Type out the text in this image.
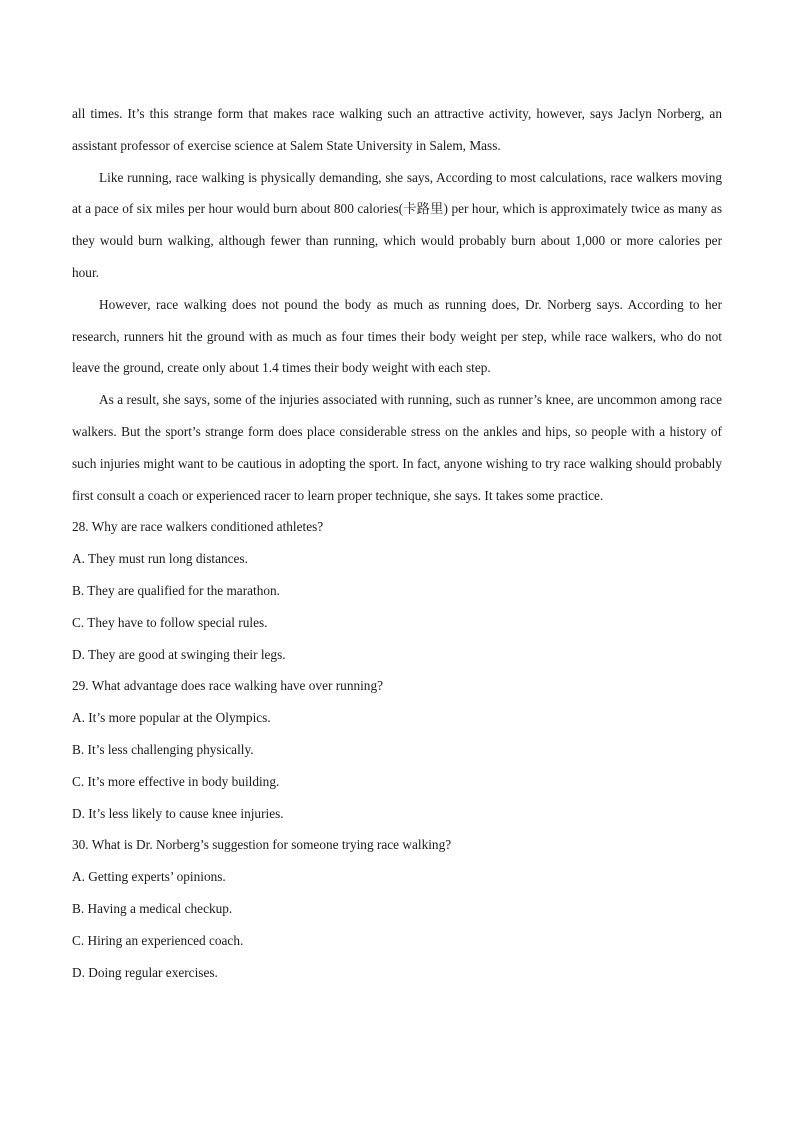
all times. It’s this strange form that makes race walking such an attractive activity, however, says Jaclyn Norberg, an assistant professor of exercise science at Salem State University in Salem, Mass.

Like running, race walking is physically demanding, she says, According to most calculations, race walkers moving at a pace of six miles per hour would burn about 800 calories(卡路里) per hour, which is approximately twice as many as they would burn walking, although fewer than running, which would probably burn about 1,000 or more calories per hour.

However, race walking does not pound the body as much as running does, Dr. Norberg says. According to her research, runners hit the ground with as much as four times their body weight per step, while race walkers, who do not leave the ground, create only about 1.4 times their body weight with each step.

As a result, she says, some of the injuries associated with running, such as runner’s knee, are uncommon among race walkers. But the sport’s strange form does place considerable stress on the ankles and hips, so people with a history of such injuries might want to be cautious in adopting the sport. In fact, anyone wishing to try race walking should probably first consult a coach or experienced racer to learn proper technique, she says. It takes some practice.

28. Why are race walkers conditioned athletes?

A. They must run long distances.

B. They are qualified for the marathon.

C. They have to follow special rules.

D. They are good at swinging their legs.

29. What advantage does race walking have over running?

A. It’s more popular at the Olympics.

B. It’s less challenging physically.

C. It’s more effective in body building.

D. It’s less likely to cause knee injuries.

30. What is Dr. Norberg’s suggestion for someone trying race walking?

A. Getting experts’ opinions.

B. Having a medical checkup.

C. Hiring an experienced coach.

D. Doing regular exercises.
